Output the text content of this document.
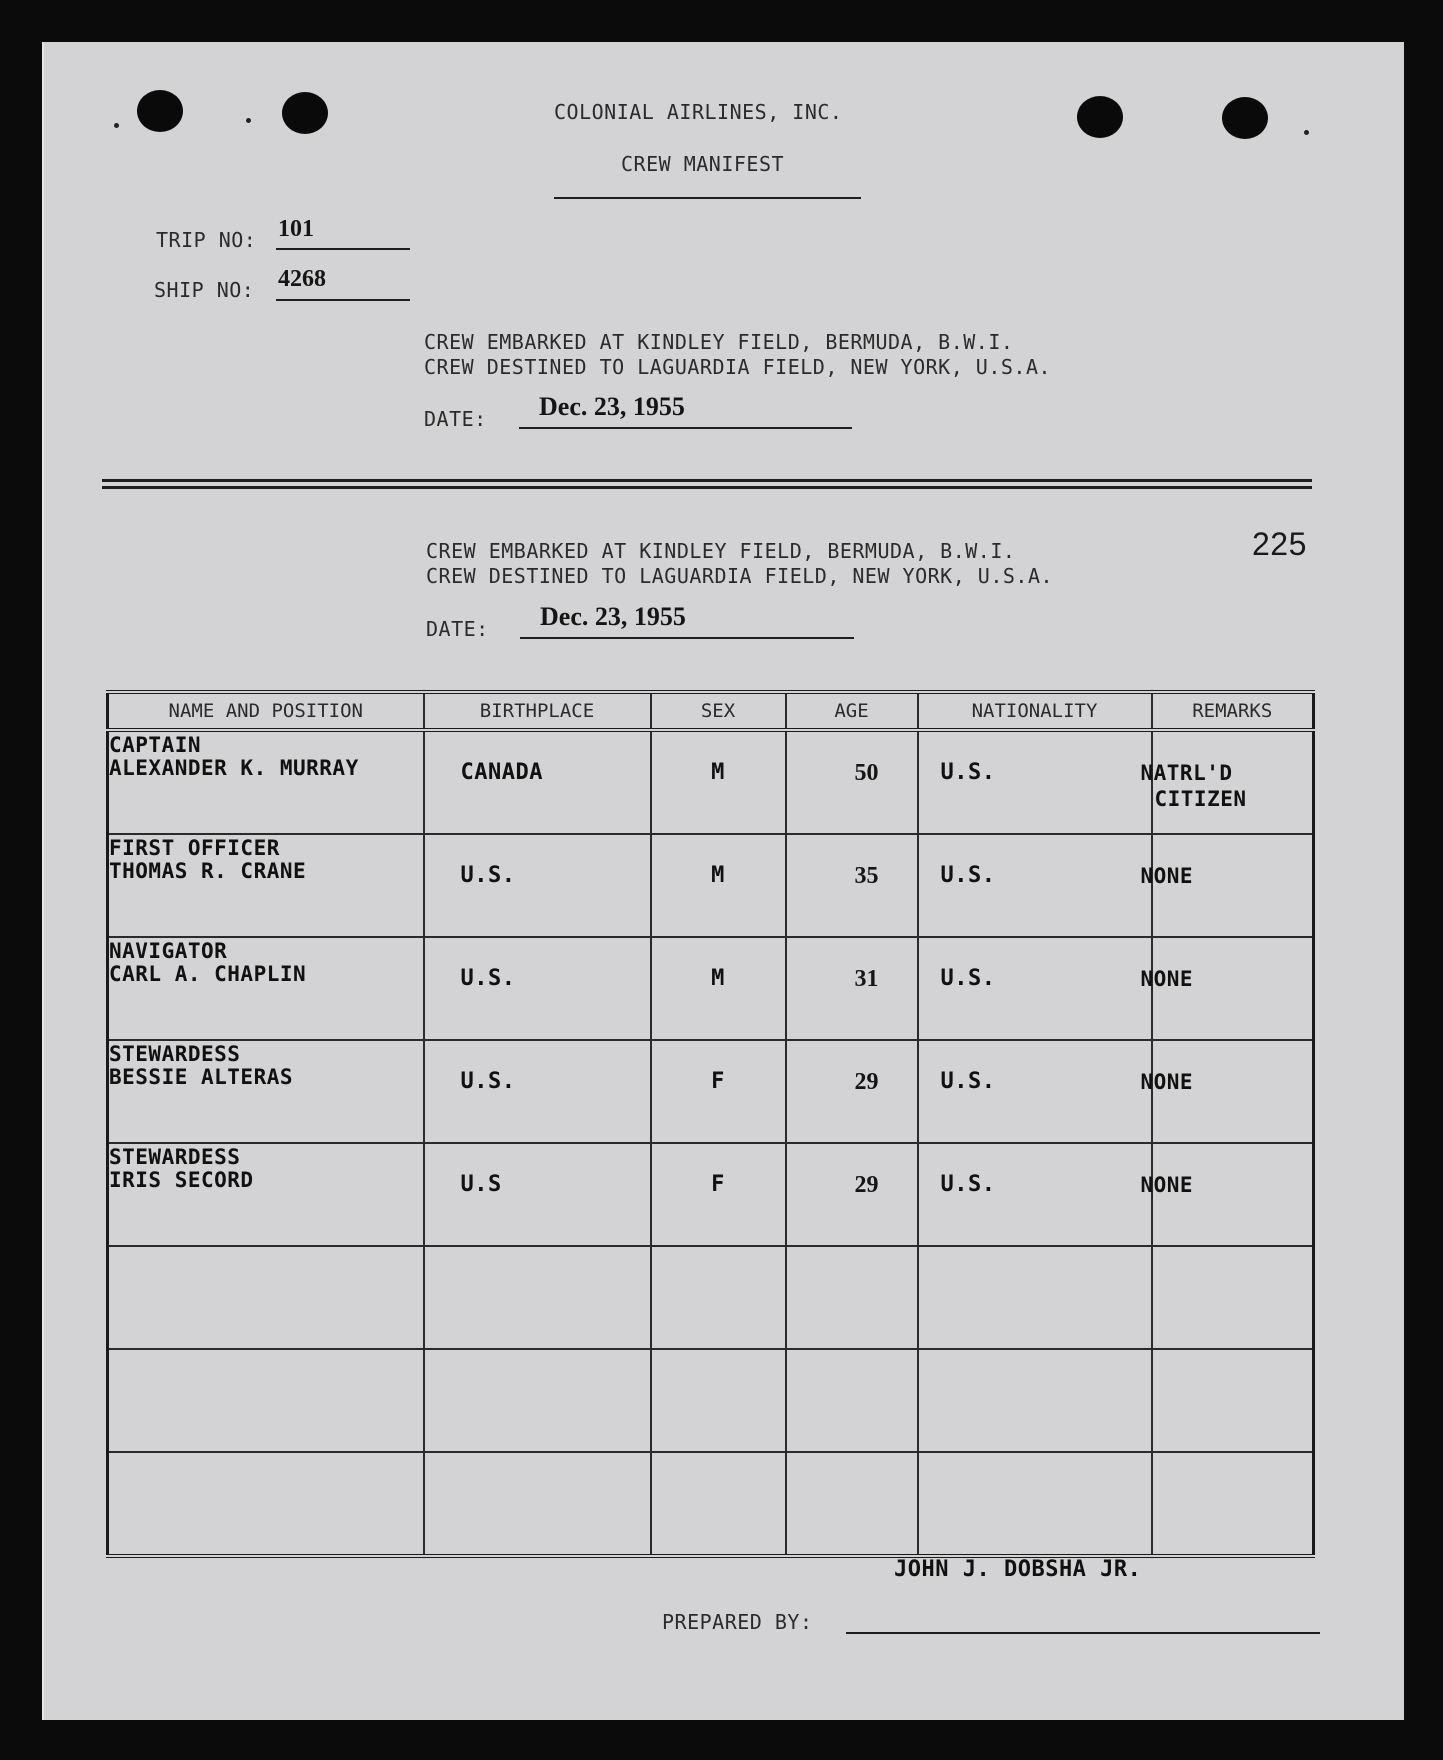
COLONIAL AIRLINES, INC.
CREW MANIFEST
TRIP NO: 101
SHIP NO: 4268
CREW EMBARKED AT KINDLEY FIELD, BERMUDA, B.W.I.
CREW DESTINED TO LAGUARDIA FIELD, NEW YORK, U.S.A.
DATE: Dec. 23, 1955
225
CREW EMBARKED AT KINDLEY FIELD, BERMUDA, B.W.I.
CREW DESTINED TO LAGUARDIA FIELD, NEW YORK, U.S.A.
DATE: Dec. 23, 1955
NAME AND POSITION	BIRTHPLACE	SEX	AGE	NATIONALITY	REMARKS

CAPTAIN
ALEXANDER K. MURRAY	CANADA	M	50	U.S.	NATRL'D
CITIZEN

FIRST OFFICER
THOMAS R. CRANE	U.S.	M	35	U.S.	NONE

NAVIGATOR
CARL A. CHAPLIN	U.S.	M	31	U.S.	NONE

STEWARDESS
BESSIE ALTERAS	U.S.	F	29	U.S.	NONE

STEWARDESS
IRIS SECORD	U.S	F	29	U.S.	NONE

JOHN J. DOBSHA JR.
PREPARED BY:
